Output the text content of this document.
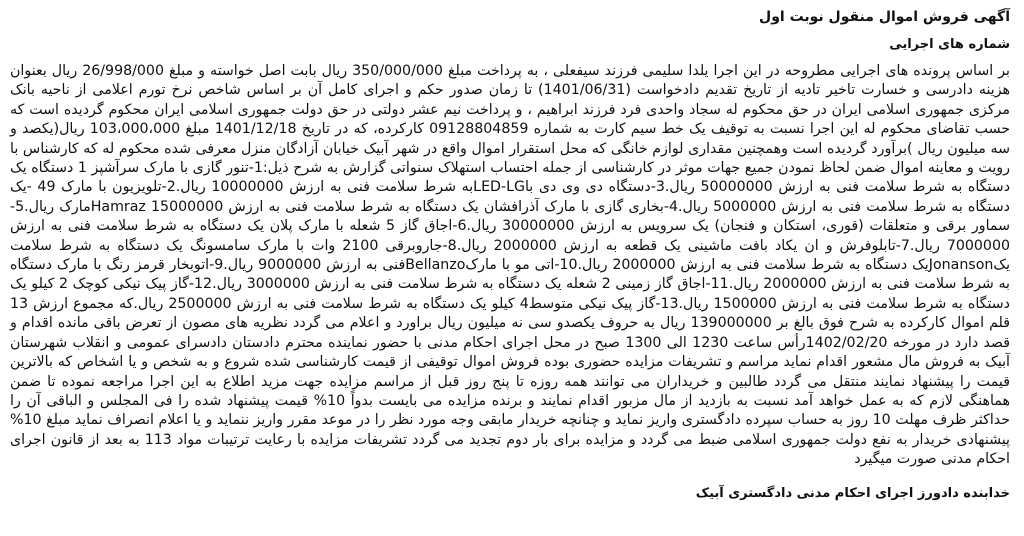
آگهی فروش اموال منقول نوبت اول
شماره های اجرایی

بر اساس پرونده های اجرایی مطروحه در این اجرا یلدا سلیمی فرزند سیفعلی ، به پرداخت مبلغ 350/000/000 ریال بابت اصل خواسته و مبلغ 26/998/000 ریال بعنوان هزینه دادرسی و خسارت تاخیر تادیه از تاریخ تقدیم دادخواست (1401/06/31) تا زمان صدور حکم و اجرای کامل آن بر اساس شاخص نرخ تورم اعلامی از ناحیه بانک مرکزی جمهوری اسلامی ایران در حق محکوم له سجاد واحدی فرد فرزند ابراهیم ، و پرداخت نیم عشر دولتی در حق دولت جمهوری اسلامی ایران محکوم گردیده است که حسب تقاضای محکوم له این اجرا نسبت به توقیف یک خط سیم کارت به شماره 09128804859 کارکرده، که در تاریخ 1401/12/18 مبلغ 103،000،000 ریال(یکصد و سه میلیون ریال )برآورد گردیده است وهمچنین مقداری لوازم خانگی که محل استقرار اموال واقع در شهر آبیک خیابان آزادگان منزل معرفی شده محکوم له که کارشناس با رویت و معاینه اموال ضمن لحاظ نمودن جمیع جهات موثر در کارشناسی از جمله احتساب استهلاک سنواتی گزارش به شرح ذیل:1-تنور گازی با مارک سرآشپز 1 دستگاه یک دستگاه به شرط سلامت فنی به ارزش 50000000 ریال.3-دستگاه دی وی دی باLED-LGبه شرط سلامت فنی به ارزش 10000000 ریال.2-تلویزیون با مارک 49 -یک دستگاه به شرط سلامت فنی به ارزش 5000000 ریال.4-بخاری گازی با مارک آذرافشان یک دستگاه به شرط سلامت فنی به ارزش Hamraz 15000000مارک ریال.5-سماور برقی و متعلقات (قوری، استکان و فنجان) یک سرویس به ارزش 30000000 ریال.6-اجاق گاز 5 شعله با مارک پلان یک دستگاه به شرط سلامت فنی به ارزش 7000000 ریال.7-تابلوفرش و ان یکاد بافت ماشینی یک قطعه به ارزش 2000000 ریال.8-جاروبرقی 2100 وات با مارک سامسونگ یک دستگاه به شرط سلامت یکJonansonیک دستگاه به شرط سلامت فنی به ارزش 2000000 ریال.10-اتی مو با مارکBellanzoفنی به ارزش 9000000 ریال.9-اتوبخار قرمز رنگ با مارک دستگاه به شرط سلامت فنی به ارزش 2000000 ریال.11-اجاق گاز زمینی 2 شعله یک دستگاه به شرط سلامت فنی به ارزش 3000000 ریال.12-گاز پیک نیکی کوچک 2 کیلو یک دستگاه به شرط سلامت فنی به ارزش 1500000 ریال.13-گاز پیک نیکی متوسط4 کیلو یک دستگاه به شرط سلامت فنی به ارزش 2500000 ریال.که مجموع ارزش 13 قلم اموال کارکرده به شرح فوق بالغ بر 139000000 ریال به حروف یکصدو سی نه میلیون ریال براورد و اعلام می گردد نظریه های مصون از تعرض باقی مانده اقدام و قصد دارد در مورخه 1402/02/20رأس ساعت 1230 الی 1300 صبح در محل اجرای احکام مدنی با حضور نماینده محترم دادستان دادسرای عمومی و انقلاب شهرستان آبیک به فروش مال مشعور اقدام نماید مراسم و تشریفات مزایده حضوری بوده فروش اموال توقیفی از قیمت کارشناسی شده شروع و به شخص و یا اشخاص که بالاترین قیمت را پیشنهاد نمایند منتقل می گردد طالبین و خریداران می توانند همه روزه تا پنج روز قبل از مراسم مزایده جهت مزید اطلاع به این اجرا مراجعه نموده تا ضمن هماهنگی لازم که به عمل خواهد آمد نسبت به بازدید از مال مزبور اقدام نمایند و برنده مزایده می بایست بدواً 10% قیمت پیشنهاد شده را فی المجلس و الباقی آن را حداکثر ظرف مهلت 10 روز به حساب سپرده دادگستری واریز نماید و چنانچه خریدار مابقی وجه مورد نظر را در موعد مقرر واریز ننماید و یا اعلام انصراف نماید مبلغ 10% پیشنهادی خریدار به نفع دولت جمهوری اسلامی ضبط می گردد و مزایده برای بار دوم تجدید می گردد تشریفات مزایده با رعایت ترتیبات مواد 113 به بعد از قانون اجرای احکام مدنی صورت میگیرد

خدابنده دادورز اجرای احکام مدنی دادگستری آبیک
